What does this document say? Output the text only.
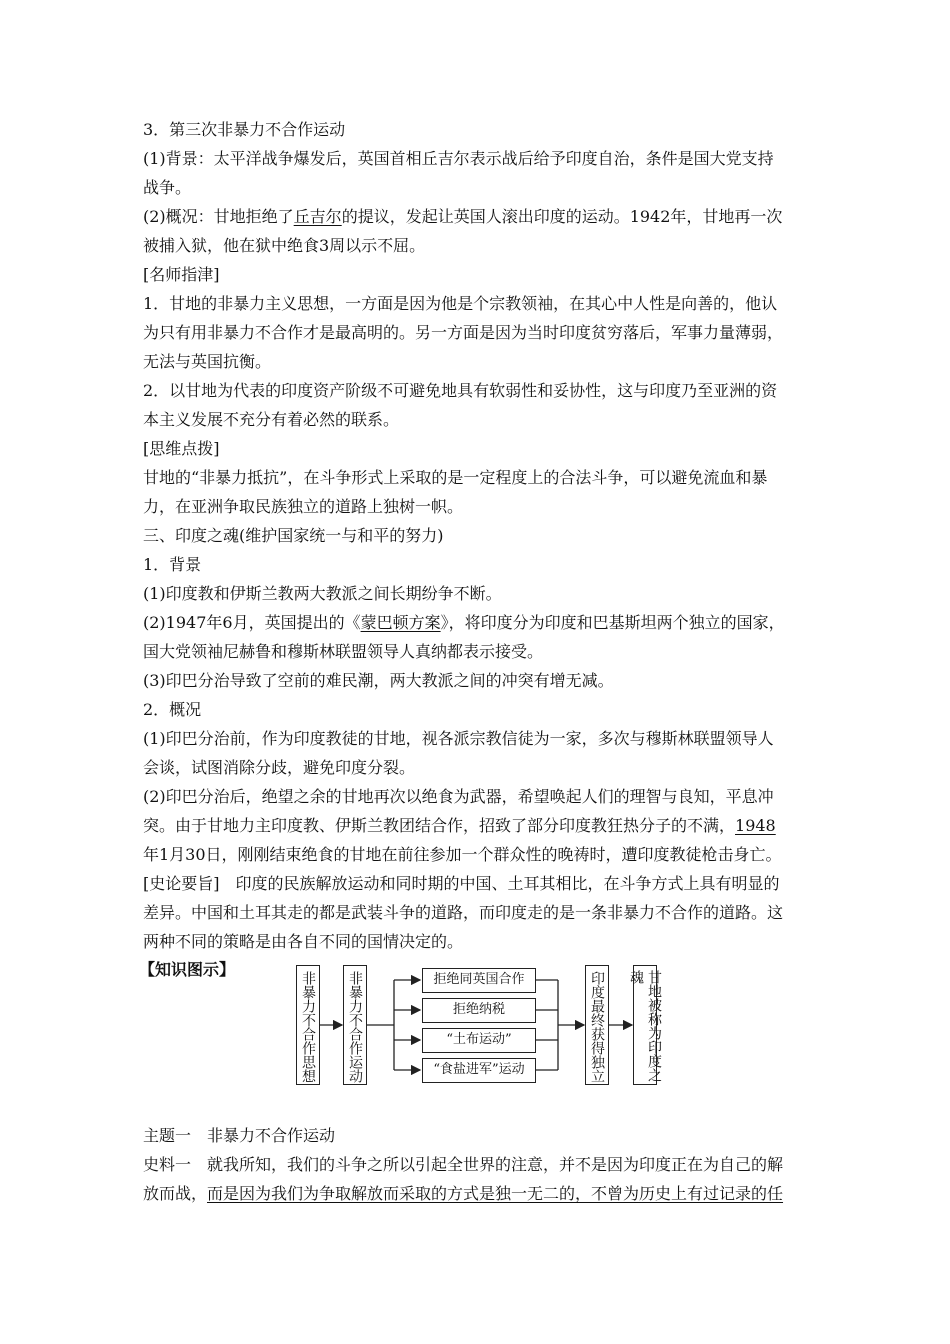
3．第三次非暴力不合作运动
(1)背景：太平洋战争爆发后，英国首相丘吉尔表示战后给予印度自治，条件是国大党支持
战争。
(2)概况：甘地拒绝了丘吉尔的提议，发起让英国人滚出印度的运动。1942年，甘地再一次
被捕入狱，他在狱中绝食3周以示不屈。
[名师指津]
1．甘地的非暴力主义思想，一方面是因为他是个宗教领袖，在其心中人性是向善的，他认
为只有用非暴力不合作才是最高明的。另一方面是因为当时印度贫穷落后，军事力量薄弱，
无法与英国抗衡。
2．以甘地为代表的印度资产阶级不可避免地具有软弱性和妥协性，这与印度乃至亚洲的资
本主义发展不充分有着必然的联系。
[思维点拨]
甘地的“非暴力抵抗”，在斗争形式上采取的是一定程度上的合法斗争，可以避免流血和暴
力，在亚洲争取民族独立的道路上独树一帜。
三、印度之魂(维护国家统一与和平的努力)
1．背景
(1)印度教和伊斯兰教两大教派之间长期纷争不断。
(2)1947年6月，英国提出的《蒙巴顿方案》，将印度分为印度和巴基斯坦两个独立的国家，
国大党领袖尼赫鲁和穆斯林联盟领导人真纳都表示接受。
(3)印巴分治导致了空前的难民潮，两大教派之间的冲突有增无减。
2．概况
(1)印巴分治前，作为印度教徒的甘地，视各派宗教信徒为一家，多次与穆斯林联盟领导人
会谈，试图消除分歧，避免印度分裂。
(2)印巴分治后，绝望之余的甘地再次以绝食为武器，希望唤起人们的理智与良知，平息冲
突。由于甘地力主印度教、伊斯兰教团结合作，招致了部分印度教狂热分子的不满，1948
年1月30日，刚刚结束绝食的甘地在前往参加一个群众性的晚祷时，遭印度教徒枪击身亡。
[史论要旨]　印度的民族解放运动和同时期的中国、土耳其相比，在斗争方式上具有明显的
差异。中国和土耳其走的都是武装斗争的道路，而印度走的是一条非暴力不合作的道路。这
两种不同的策略是由各自不同的国情决定的。
【知识图示】
非暴力不合作思想 非暴力不合作运动	拒绝同英国合作
拒绝纳税
“土布运动”
“食盐进军”运动	印度最终获得独立	甘地被称为印度之魂
主题一　非暴力不合作运动
史料一　就我所知，我们的斗争之所以引起全世界的注意，并不是因为印度正在为自己的解
放而战，而是因为我们为争取解放而采取的方式是独一无二的，不曾为历史上有过记录的任
